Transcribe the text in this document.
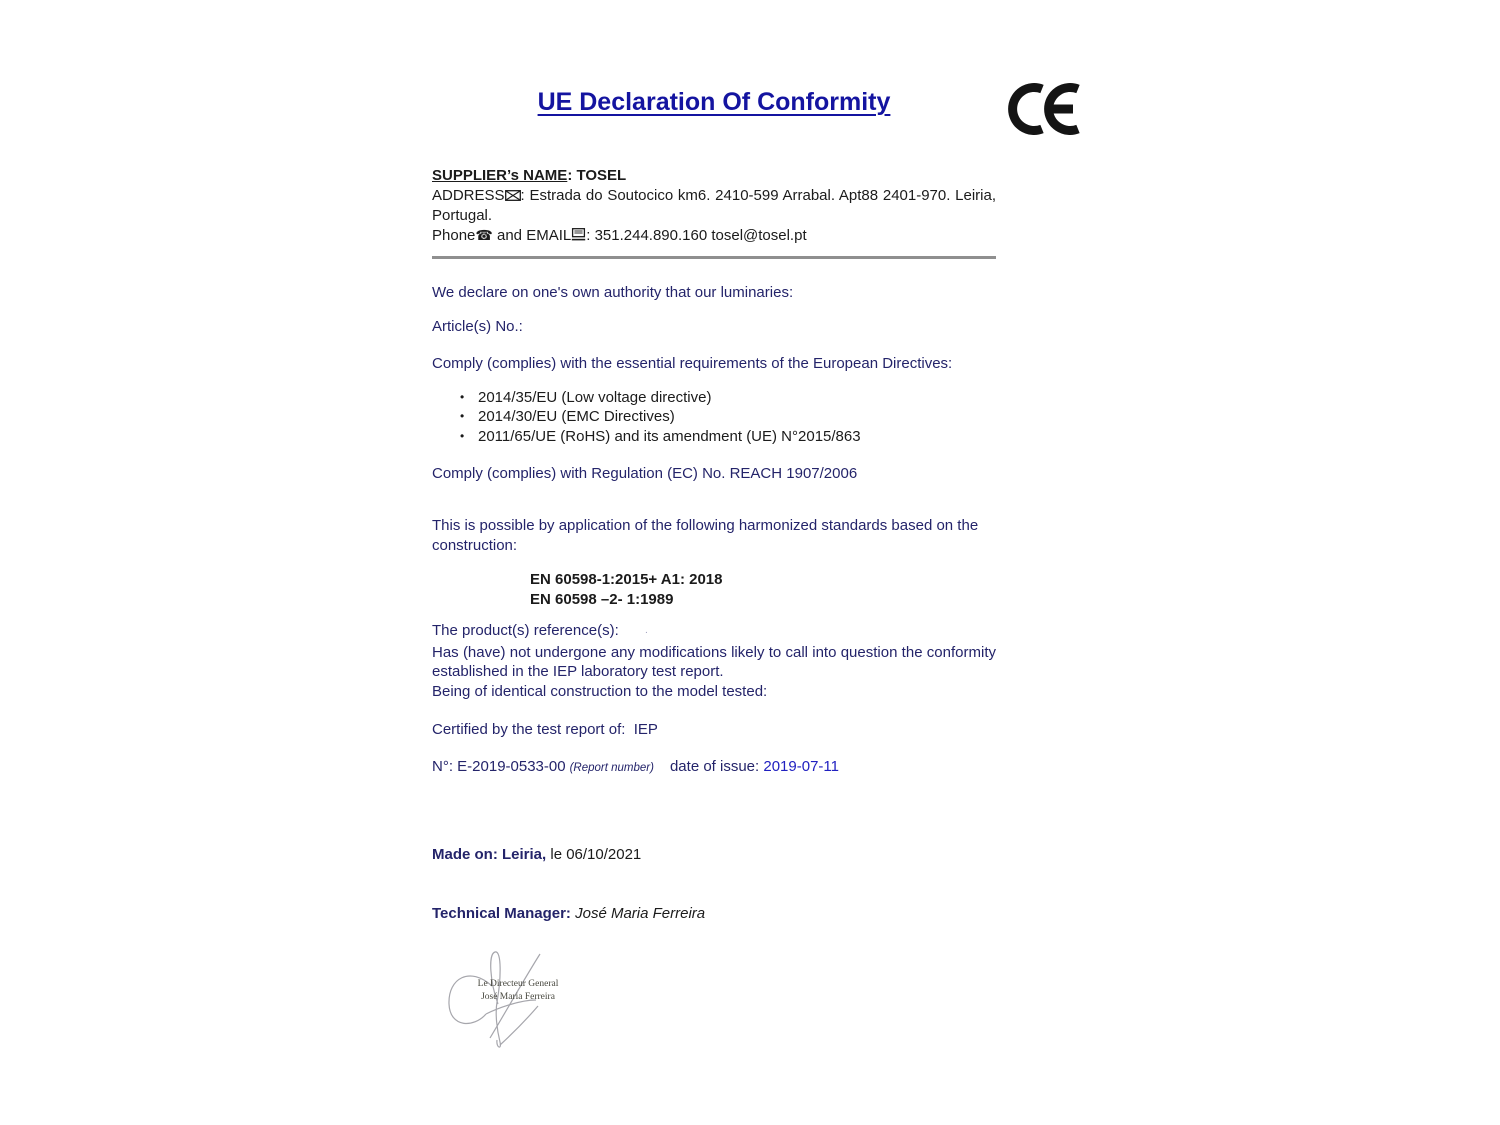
UE Declaration Of Conformity
SUPPLIER’s NAME: TOSEL
ADDRESS : Estrada do Soutocico km6. 2410-599 Arrabal. Apt88 2401-970. Leiria,
Portugal.
Phone☎ and EMAIL : 351.244.890.160 tosel@tosel.pt
We declare on one's own authority that our luminaries:
Article(s) No.:
Comply (complies) with the essential requirements of the European Directives:
• 2014/35/EU (Low voltage directive)
• 2014/30/EU (EMC Directives)
• 2011/65/UE (RoHS) and its amendment (UE) N°2015/863
Comply (complies) with Regulation (EC) No. REACH 1907/2006
This is possible by application of the following harmonized standards based on the construction:
EN 60598-1:2015+ A1: 2018
EN 60598 –2- 1:1989
The product(s) reference(s):	·
Has (have) not undergone any modifications likely to call into question the conformity established in the IEP laboratory test report.
Being of identical construction to the model tested:
Certified by the test report of:  IEP
N°: E-2019-0533-00 (Report number) date of issue: 2019-07-11
Made on: Leiria, le 06/10/2021
Technical Manager: José Maria Ferreira
Le Directeur General
José Maria Ferreira
